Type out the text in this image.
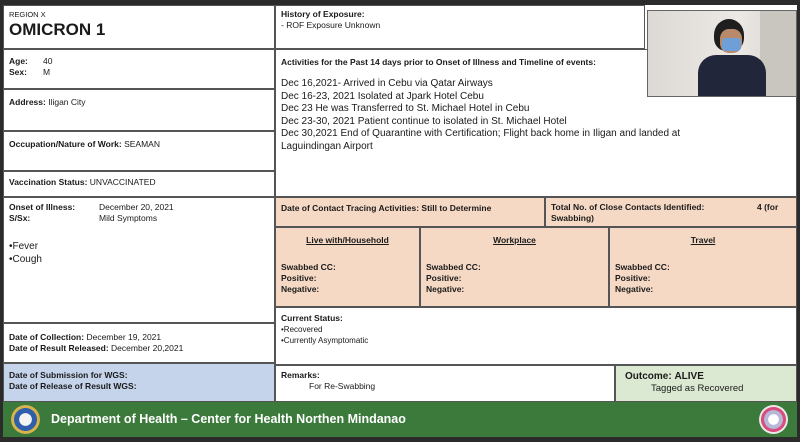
REGION X
OMICRON 1
Age:	40
Sex:	M
Address: Iligan City
Occupation/Nature of Work: SEAMAN
Vaccination Status: UNVACCINATED
Onset of Illness:	December 20, 2021
S/Sx:	Mild Symptoms
•Fever
•Cough
Date of Collection: December 19, 2021
Date of Result Released: December 20,2021
Date of Submission for WGS:
Date of Release of Result WGS:
History of Exposure:
- ROF Exposure Unknown
Activities for the Past 14 days prior to Onset of Illness and Timeline of events:
Dec 16,2021- Arrived in Cebu via Qatar Airways
Dec 16-23, 2021 Isolated at Jpark Hotel Cebu
Dec 23 He was Transferred to St. Michael Hotel in Cebu
Dec 23-30, 2021 Patient continue to isolated in St. Michael Hotel
Dec 30,2021 End of Quarantine with Certification; Flight back home in Iligan and landed at
Laguindingan Airport
Date of Contact Tracing Activities: Still to Determine	Total No. of Close Contacts Identified:	4 (for
Swabbing)
Live with/Household
Swabbed CC:
Positive:
Negative:
Workplace
Swabbed CC:
Positive:
Negative:
Travel
Swabbed CC:
Positive:
Negative:
Current Status:
•Recovered
•Currently Asymptomatic
Remarks:
For Re-Swabbing
Outcome: ALIVE
Tagged as Recovered
Department of Health – Center for Health Northen Mindanao
